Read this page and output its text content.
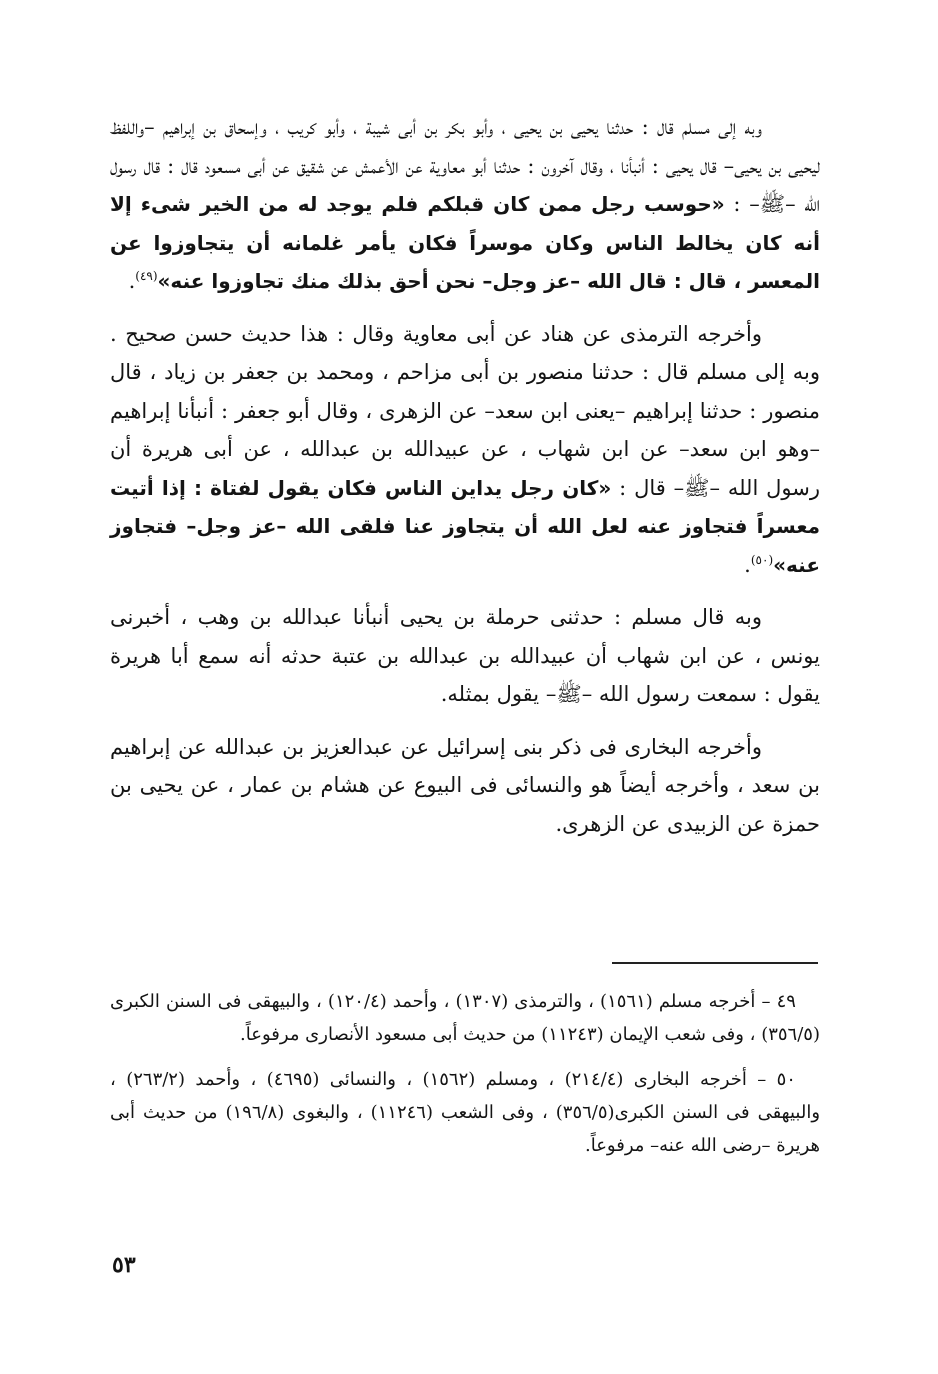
وبه إلى مسلم قال : حدثنا يحيى بن يحيى ، وأبو بكر بن أبى شيبة ، وأبو كريب ، وإسحاق بن إبراهيم –واللفظ ليحيى بن يحيى– قال يحيى : أنبأنا ، وقال آخرون : حدثنا أبو معاوية عن الأعمش عن شقيق عن أبى مسعود قال : قال رسول الله –ﷺ– : «حوسب رجل ممن كان قبلكم فلم يوجد له من الخير شىء إلا أنه كان يخالط الناس وكان موسراً فكان يأمر غلمانه أن يتجاوزوا عن المعسر ، قال : قال الله –عز وجل– نحن أحق بذلك منك تجاوزوا عنه»$^{(٤٩)}$.

وأخرجه الترمذى عن هناد عن أبى معاوية وقال : هذا حديث حسن صحيح . وبه إلى مسلم قال : حدثنا منصور بن أبى مزاحم ، ومحمد بن جعفر بن زياد ، قال منصور : حدثنا إبراهيم –يعنى ابن سعد– عن الزهرى ، وقال أبو جعفر : أنبأنا إبراهيم –وهو ابن سعد– عن ابن شهاب ، عن عبيدالله بن عبدالله ، عن أبى هريرة أن رسول الله –ﷺ– قال : «كان رجل يداين الناس فكان يقول لفتاة : إذا أتيت معسراً فتجاوز عنه لعل الله أن يتجاوز عنا فلقى الله –عز وجل– فتجاوز عنه»$^{(٥٠)}$.

وبه قال مسلم : حدثنى حرملة بن يحيى أنبأنا عبدالله بن وهب ، أخبرنى يونس ، عن ابن شهاب أن عبيدالله بن عبدالله بن عتبة حدثه أنه سمع أبا هريرة يقول : سمعت رسول الله –ﷺ– يقول بمثله.

وأخرجه البخارى فى ذكر بنى إسرائيل عن عبدالعزيز بن عبدالله عن إبراهيم بن سعد ، وأخرجه أيضاً هو والنسائى فى البيوع عن هشام بن عمار ، عن يحيى بن حمزة عن الزبيدى عن الزهرى.

٤٩ – أخرجه مسلم (١٥٦١) ، والترمذى (١٣٠٧) ، وأحمد (١٢٠/٤) ، والبيهقى فى السنن الكبرى (٣٥٦/٥) ، وفى شعب الإيمان (١١٢٤٣) من حديث أبى مسعود الأنصارى مرفوعاً.

٥٠ – أخرجه البخارى (٢١٤/٤) ، ومسلم (١٥٦٢) ، والنسائى (٤٦٩٥) ، وأحمد (٢٦٣/٢) ، والبيهقى فى السنن الكبرى(٣٥٦/٥) ، وفى الشعب (١١٢٤٦) ، والبغوى (١٩٦/٨) من حديث أبى هريرة –رضى الله عنه– مرفوعاً.

٥٣
